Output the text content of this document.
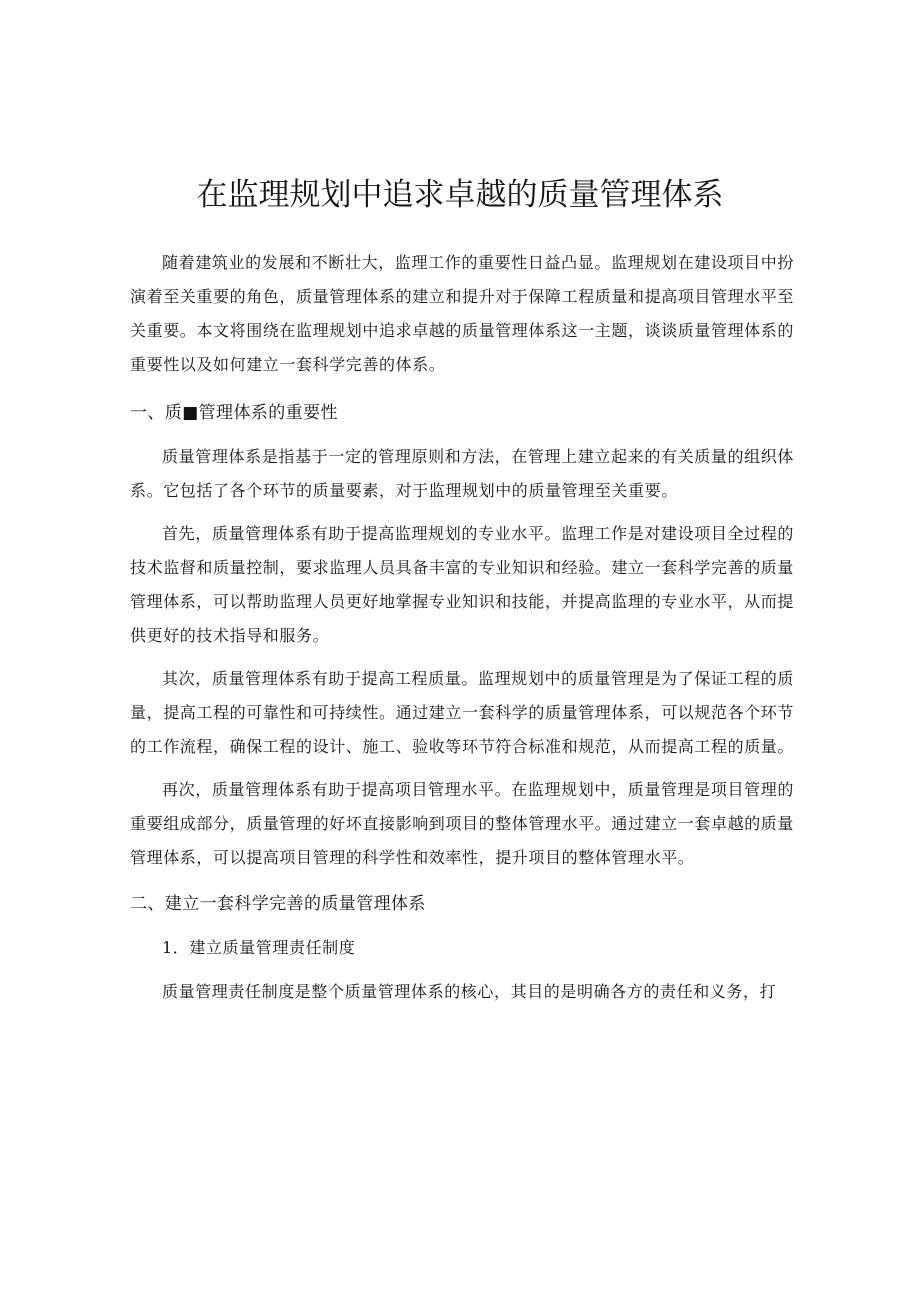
在监理规划中追求卓越的质量管理体系

随着建筑业的发展和不断壮大，监理工作的重要性日益凸显。监理规划在建设项目中扮演着至关重要的角色，质量管理体系的建立和提升对于保障工程质量和提高项目管理水平至关重要。本文将围绕在监理规划中追求卓越的质量管理体系这一主题，谈谈质量管理体系的重要性以及如何建立一套科学完善的体系。

一、质■管理体系的重要性

质量管理体系是指基于一定的管理原则和方法，在管理上建立起来的有关质量的组织体系。它包括了各个环节的质量要素，对于监理规划中的质量管理至关重要。

首先，质量管理体系有助于提高监理规划的专业水平。监理工作是对建设项目全过程的技术监督和质量控制，要求监理人员具备丰富的专业知识和经验。建立一套科学完善的质量管理体系，可以帮助监理人员更好地掌握专业知识和技能，并提高监理的专业水平，从而提供更好的技术指导和服务。

其次，质量管理体系有助于提高工程质量。监理规划中的质量管理是为了保证工程的质量，提高工程的可靠性和可持续性。通过建立一套科学的质量管理体系，可以规范各个环节的工作流程，确保工程的设计、施工、验收等环节符合标准和规范，从而提高工程的质量。

再次，质量管理体系有助于提高项目管理水平。在监理规划中，质量管理是项目管理的重要组成部分，质量管理的好坏直接影响到项目的整体管理水平。通过建立一套卓越的质量管理体系，可以提高项目管理的科学性和效率性，提升项目的整体管理水平。

二、建立一套科学完善的质量管理体系
1．建立质量管理责任制度

质量管理责任制度是整个质量管理体系的核心，其目的是明确各方的责任和义务，打
